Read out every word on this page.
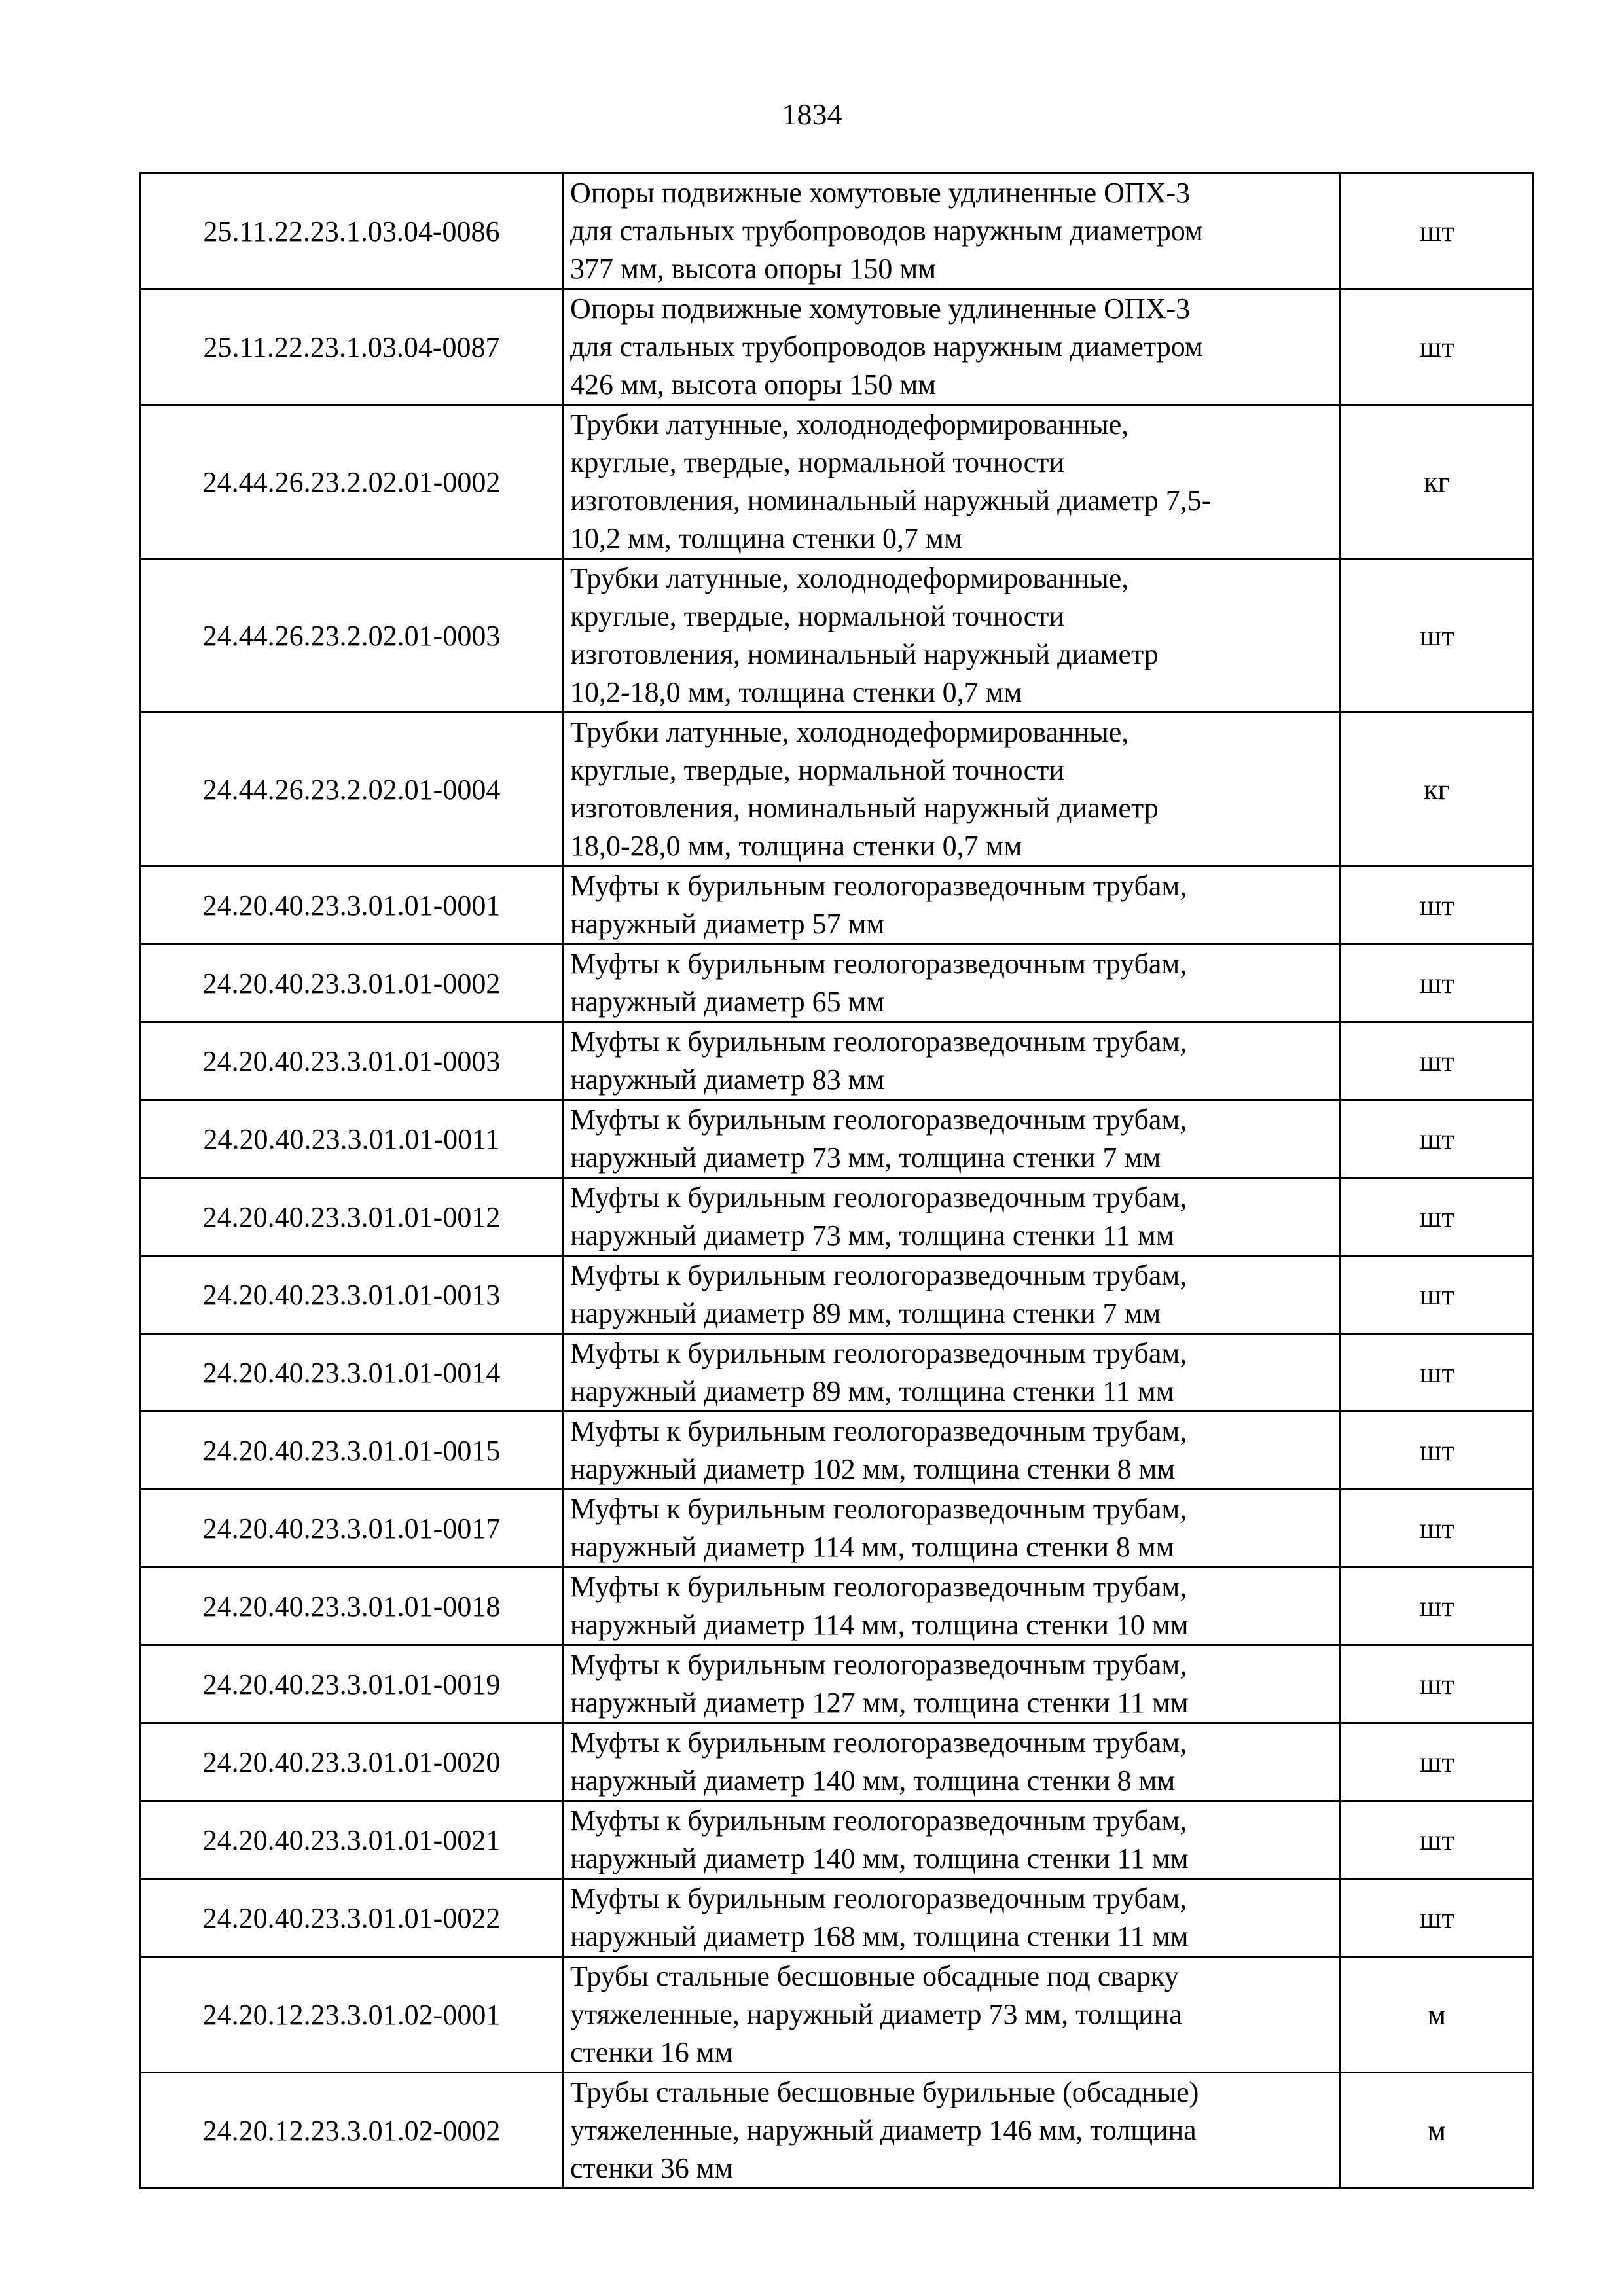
1834
25.11.22.23.1.03.04-0086	Опоры подвижные хомутовые удлиненные ОПХ-3
для стальных трубопроводов наружным диаметром
377 мм, высота опоры 150 мм	шт
25.11.22.23.1.03.04-0087	Опоры подвижные хомутовые удлиненные ОПХ-3
для стальных трубопроводов наружным диаметром
426 мм, высота опоры 150 мм	шт
24.44.26.23.2.02.01-0002	Трубки латунные, холоднодеформированные,
круглые, твердые, нормальной точности
изготовления, номинальный наружный диаметр 7,5-
10,2 мм, толщина стенки 0,7 мм	кг
24.44.26.23.2.02.01-0003	Трубки латунные, холоднодеформированные,
круглые, твердые, нормальной точности
изготовления, номинальный наружный диаметр
10,2-18,0 мм, толщина стенки 0,7 мм	шт
24.44.26.23.2.02.01-0004	Трубки латунные, холоднодеформированные,
круглые, твердые, нормальной точности
изготовления, номинальный наружный диаметр
18,0-28,0 мм, толщина стенки 0,7 мм	кг
24.20.40.23.3.01.01-0001	Муфты к бурильным геологоразведочным трубам,
наружный диаметр 57 мм	шт
24.20.40.23.3.01.01-0002	Муфты к бурильным геологоразведочным трубам,
наружный диаметр 65 мм	шт
24.20.40.23.3.01.01-0003	Муфты к бурильным геологоразведочным трубам,
наружный диаметр 83 мм	шт
24.20.40.23.3.01.01-0011	Муфты к бурильным геологоразведочным трубам,
наружный диаметр 73 мм, толщина стенки 7 мм	шт
24.20.40.23.3.01.01-0012	Муфты к бурильным геологоразведочным трубам,
наружный диаметр 73 мм, толщина стенки 11 мм	шт
24.20.40.23.3.01.01-0013	Муфты к бурильным геологоразведочным трубам,
наружный диаметр 89 мм, толщина стенки 7 мм	шт
24.20.40.23.3.01.01-0014	Муфты к бурильным геологоразведочным трубам,
наружный диаметр 89 мм, толщина стенки 11 мм	шт
24.20.40.23.3.01.01-0015	Муфты к бурильным геологоразведочным трубам,
наружный диаметр 102 мм, толщина стенки 8 мм	шт
24.20.40.23.3.01.01-0017	Муфты к бурильным геологоразведочным трубам,
наружный диаметр 114 мм, толщина стенки 8 мм	шт
24.20.40.23.3.01.01-0018	Муфты к бурильным геологоразведочным трубам,
наружный диаметр 114 мм, толщина стенки 10 мм	шт
24.20.40.23.3.01.01-0019	Муфты к бурильным геологоразведочным трубам,
наружный диаметр 127 мм, толщина стенки 11 мм	шт
24.20.40.23.3.01.01-0020	Муфты к бурильным геологоразведочным трубам,
наружный диаметр 140 мм, толщина стенки 8 мм	шт
24.20.40.23.3.01.01-0021	Муфты к бурильным геологоразведочным трубам,
наружный диаметр 140 мм, толщина стенки 11 мм	шт
24.20.40.23.3.01.01-0022	Муфты к бурильным геологоразведочным трубам,
наружный диаметр 168 мм, толщина стенки 11 мм	шт
24.20.12.23.3.01.02-0001	Трубы стальные бесшовные обсадные под сварку
утяжеленные, наружный диаметр 73 мм, толщина
стенки 16 мм	м
24.20.12.23.3.01.02-0002	Трубы стальные бесшовные бурильные (обсадные)
утяжеленные, наружный диаметр 146 мм, толщина
стенки 36 мм	м
